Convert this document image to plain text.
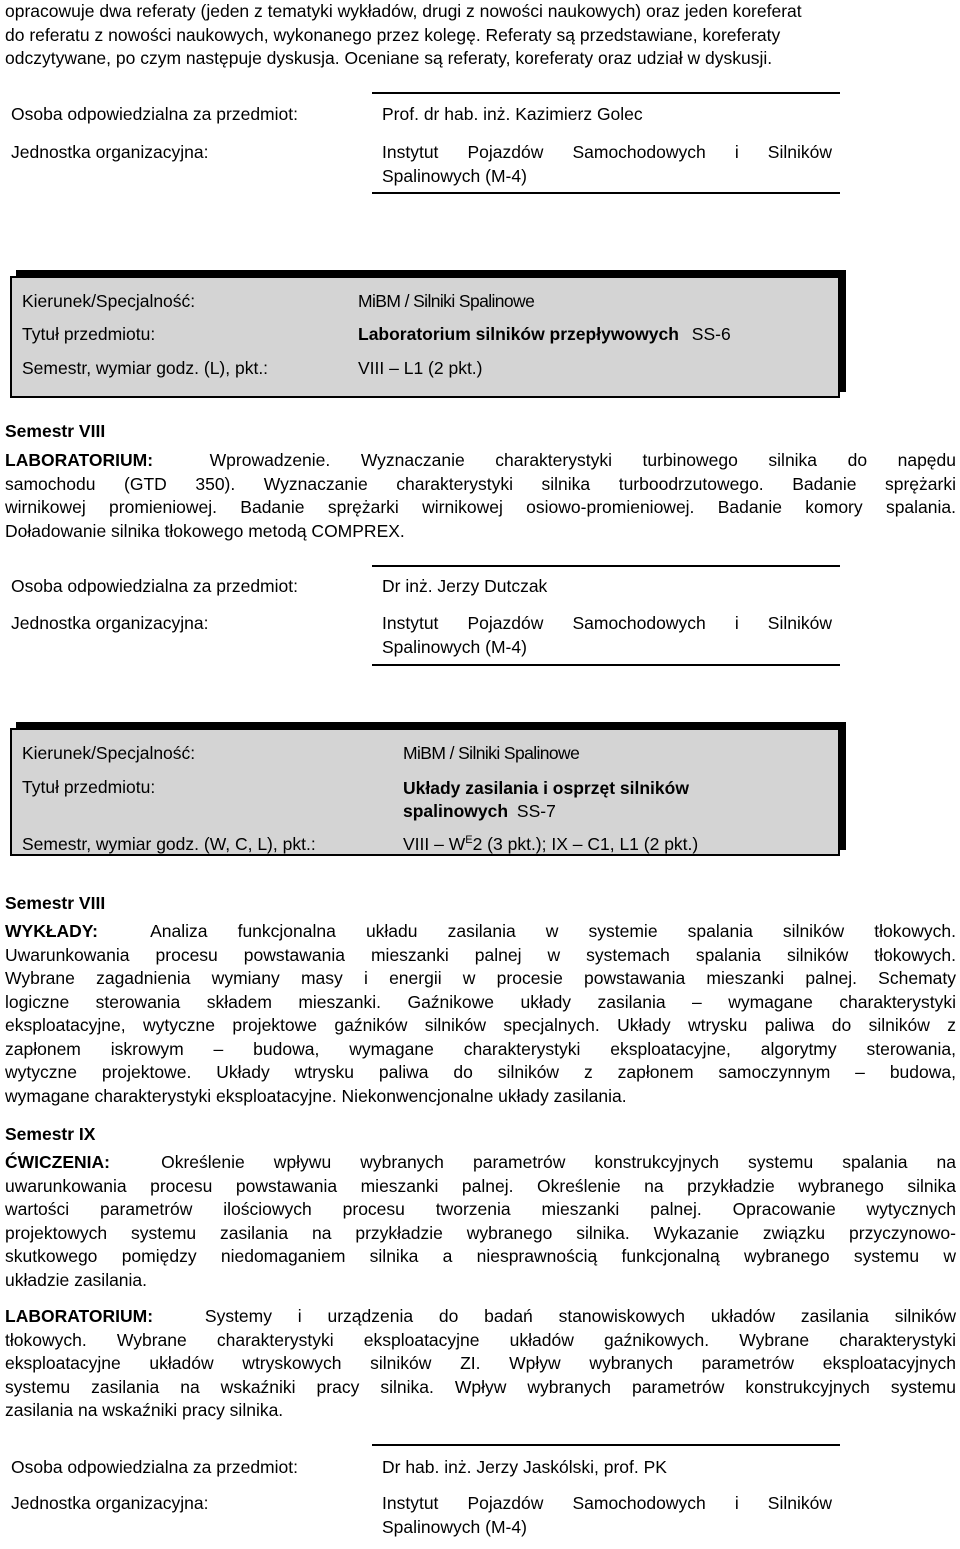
opracowuje dwa referaty (jeden z tematyki wykładów, drugi z nowości naukowych) oraz jeden koreferat

do referatu z nowości naukowych, wykonanego przez kolegę. Referaty są przedstawiane, koreferaty

odczytywane, po czym następuje dyskusja. Oceniane są referaty, koreferaty oraz udział w dyskusji.

Osoba odpowiedzialna za przedmiot:	Prof. dr hab. inż. Kazimierz Golec
Jednostka organizacyjna:	Instytut Pojazdów Samochodowych i Silników
Spalinowych (M-4)
Kierunek/Specjalność:	MiBM / Silniki Spalinowe
Tytuł przedmiotu:	Laboratorium silników przepływowych SS-6
Semestr, wymiar godz. (L), pkt.:	VIII – L1 (2 pkt.)
Semestr VIII

LABORATORIUM:	Wprowadzenie. Wyznaczanie charakterystyki turbinowego silnika do napędu

samochodu (GTD 350). Wyznaczanie charakterystyki silnika turboodrzutowego. Badanie sprężarki

wirnikowej promieniowej. Badanie sprężarki wirnikowej osiowo-promieniowej. Badanie komory spalania.

Doładowanie silnika tłokowego metodą COMPREX.

Osoba odpowiedzialna za przedmiot:	Dr inż. Jerzy Dutczak
Jednostka organizacyjna:	Instytut Pojazdów Samochodowych i Silników
Spalinowych (M-4)
Kierunek/Specjalność:	MiBM / Silniki Spalinowe
Tytuł przedmiotu:	Układy zasilania i osprzęt silników
spalinowych SS-7
Semestr, wymiar godz. (W, C, L), pkt.:	VIII – $W^E2$ (3 pkt.); IX – C1, L1 (2 pkt.)
Semestr VIII

WYKŁADY:	Analiza funkcjonalna układu zasilania w systemie spalania silników tłokowych.

Uwarunkowania procesu powstawania mieszanki palnej w systemach spalania silników tłokowych.

Wybrane zagadnienia wymiany masy i energii w procesie powstawania mieszanki palnej. Schematy

logiczne sterowania składem mieszanki. Gaźnikowe układy zasilania – wymagane charakterystyki

eksploatacyjne, wytyczne projektowe gaźników silników specjalnych. Układy wtrysku paliwa do silników z

zapłonem iskrowym – budowa, wymagane charakterystyki eksploatacyjne, algorytmy sterowania,

wytyczne projektowe. Układy wtrysku paliwa do silników z zapłonem samoczynnym – budowa,

wymagane charakterystyki eksploatacyjne. Niekonwencjonalne układy zasilania.

Semestr IX

ĆWICZENIA:	Określenie wpływu wybranych parametrów konstrukcyjnych systemu spalania na

uwarunkowania procesu powstawania mieszanki palnej. Określenie na przykładzie wybranego silnika

wartości parametrów ilościowych procesu tworzenia mieszanki palnej. Opracowanie wytycznych

projektowych systemu zasilania na przykładzie wybranego silnika. Wykazanie związku przyczynowo-

skutkowego pomiędzy niedomaganiem silnika a niesprawnością funkcjonalną wybranego systemu w

układzie zasilania.

LABORATORIUM:	Systemy i urządzenia do badań stanowiskowych układów zasilania silników

tłokowych. Wybrane charakterystyki eksploatacyjne układów gaźnikowych. Wybrane charakterystyki

eksploatacyjne układów wtryskowych silników ZI. Wpływ wybranych parametrów eksploatacyjnych

systemu zasilania na wskaźniki pracy silnika. Wpływ wybranych parametrów konstrukcyjnych systemu

zasilania na wskaźniki pracy silnika.

Osoba odpowiedzialna za przedmiot:	Dr hab. inż. Jerzy Jaskólski, prof. PK
Jednostka organizacyjna:	Instytut Pojazdów Samochodowych i Silników
Spalinowych (M-4)
